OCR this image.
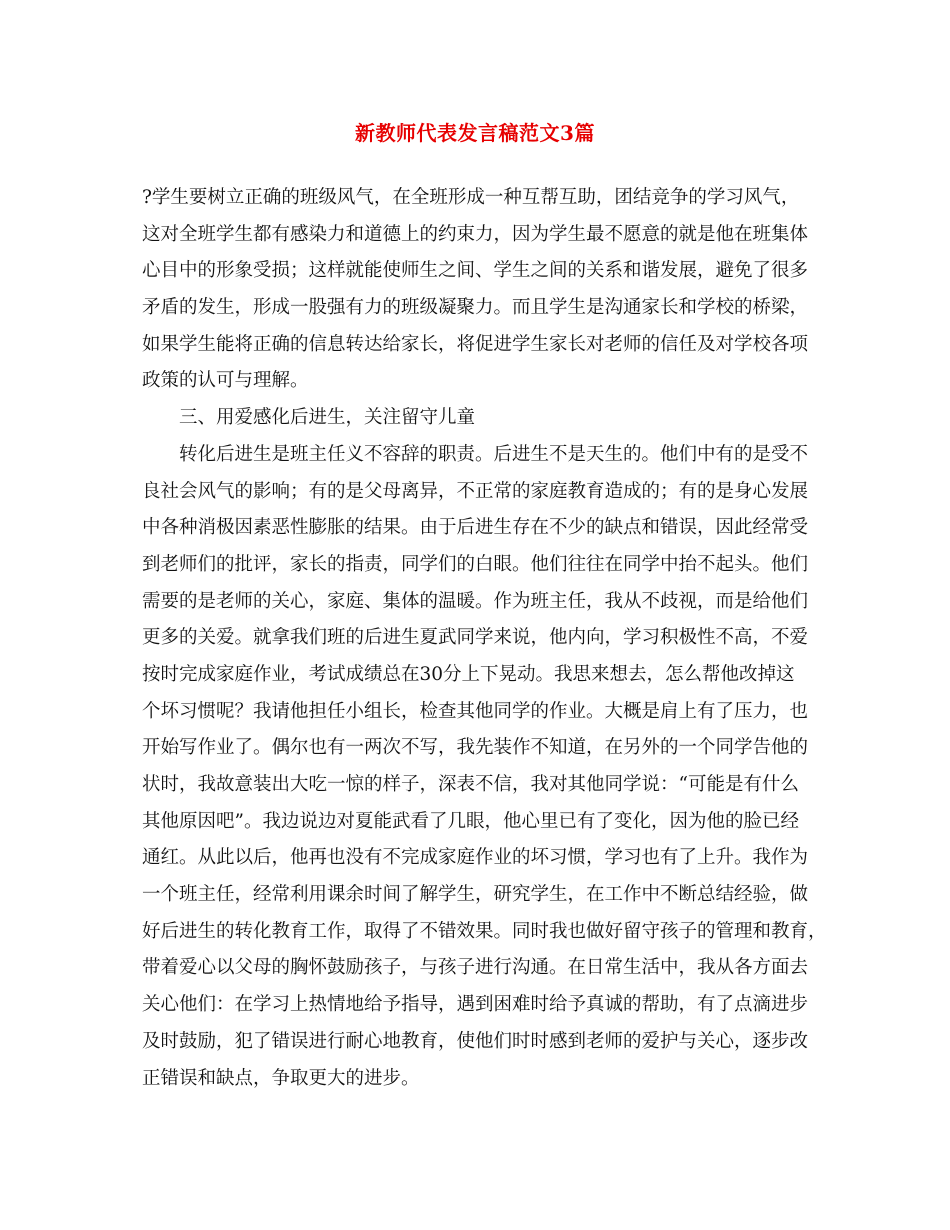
新教师代表发言稿范文3篇
?学生要树立正确的班级风气，在全班形成一种互帮互助，团结竞争的学习风气，
这对全班学生都有感染力和道德上的约束力，因为学生最不愿意的就是他在班集体
心目中的形象受损；这样就能使师生之间、学生之间的关系和谐发展，避免了很多
矛盾的发生，形成一股强有力的班级凝聚力。而且学生是沟通家长和学校的桥梁，
如果学生能将正确的信息转达给家长，将促进学生家长对老师的信任及对学校各项
政策的认可与理解。
三、用爱感化后进生，关注留守儿童
转化后进生是班主任义不容辞的职责。后进生不是天生的。他们中有的是受不
良社会风气的影响；有的是父母离异，不正常的家庭教育造成的；有的是身心发展
中各种消极因素恶性膨胀的结果。由于后进生存在不少的缺点和错误，因此经常受
到老师们的批评，家长的指责，同学们的白眼。他们往往在同学中抬不起头。他们
需要的是老师的关心，家庭、集体的温暖。作为班主任，我从不歧视，而是给他们
更多的关爱。就拿我们班的后进生夏武同学来说，他内向，学习积极性不高，不爱
按时完成家庭作业，考试成绩总在30分上下晃动。我思来想去，怎么帮他改掉这
个坏习惯呢？我请他担任小组长，检查其他同学的作业。大概是肩上有了压力，也
开始写作业了。偶尔也有一两次不写，我先装作不知道，在另外的一个同学告他的
状时，我故意装出大吃一惊的样子，深表不信，我对其他同学说：“可能是有什么
其他原因吧”。我边说边对夏能武看了几眼，他心里已有了变化，因为他的脸已经
通红。从此以后，他再也没有不完成家庭作业的坏习惯，学习也有了上升。我作为
一个班主任，经常利用课余时间了解学生，研究学生，在工作中不断总结经验，做
好后进生的转化教育工作，取得了不错效果。同时我也做好留守孩子的管理和教育，
带着爱心以父母的胸怀鼓励孩子，与孩子进行沟通。在日常生活中，我从各方面去
关心他们：在学习上热情地给予指导，遇到困难时给予真诚的帮助，有了点滴进步
及时鼓励，犯了错误进行耐心地教育，使他们时时感到老师的爱护与关心，逐步改
正错误和缺点，争取更大的进步。
